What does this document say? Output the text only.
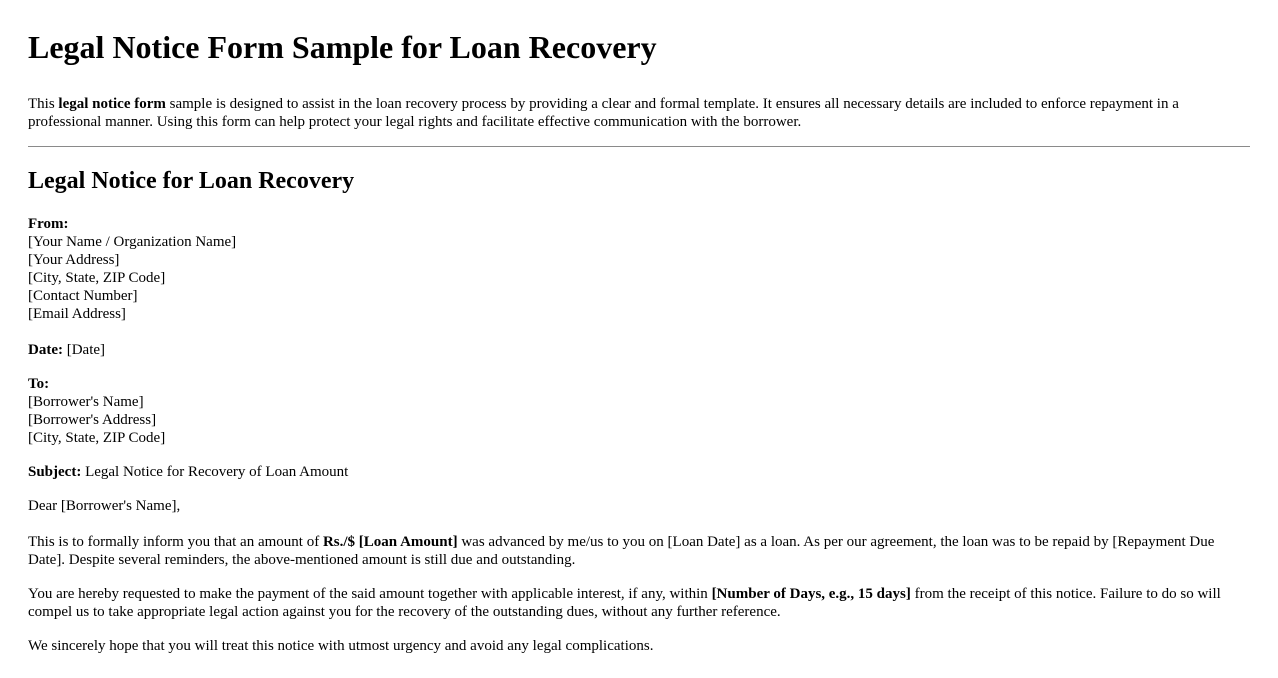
Legal Notice Form Sample for Loan Recovery

This legal notice form sample is designed to assist in the loan recovery process by providing a clear and formal template. It ensures all necessary details are included to enforce repayment in a professional manner. Using this form can help protect your legal rights and facilitate effective communication with the borrower.

Legal Notice for Loan Recovery

From:
[Your Name / Organization Name]
[Your Address]
[City, State, ZIP Code]
[Contact Number]
[Email Address]

Date: [Date]

To:
[Borrower's Name]
[Borrower's Address]
[City, State, ZIP Code]

Subject: Legal Notice for Recovery of Loan Amount

Dear [Borrower's Name],

This is to formally inform you that an amount of Rs./$ [Loan Amount] was advanced by me/us to you on [Loan Date] as a loan. As per our agreement, the loan was to be repaid by [Repayment Due Date]. Despite several reminders, the above-mentioned amount is still due and outstanding.

You are hereby requested to make the payment of the said amount together with applicable interest, if any, within [Number of Days, e.g., 15 days] from the receipt of this notice. Failure to do so will compel us to take appropriate legal action against you for the recovery of the outstanding dues, without any further reference.

We sincerely hope that you will treat this notice with utmost urgency and avoid any legal complications.
